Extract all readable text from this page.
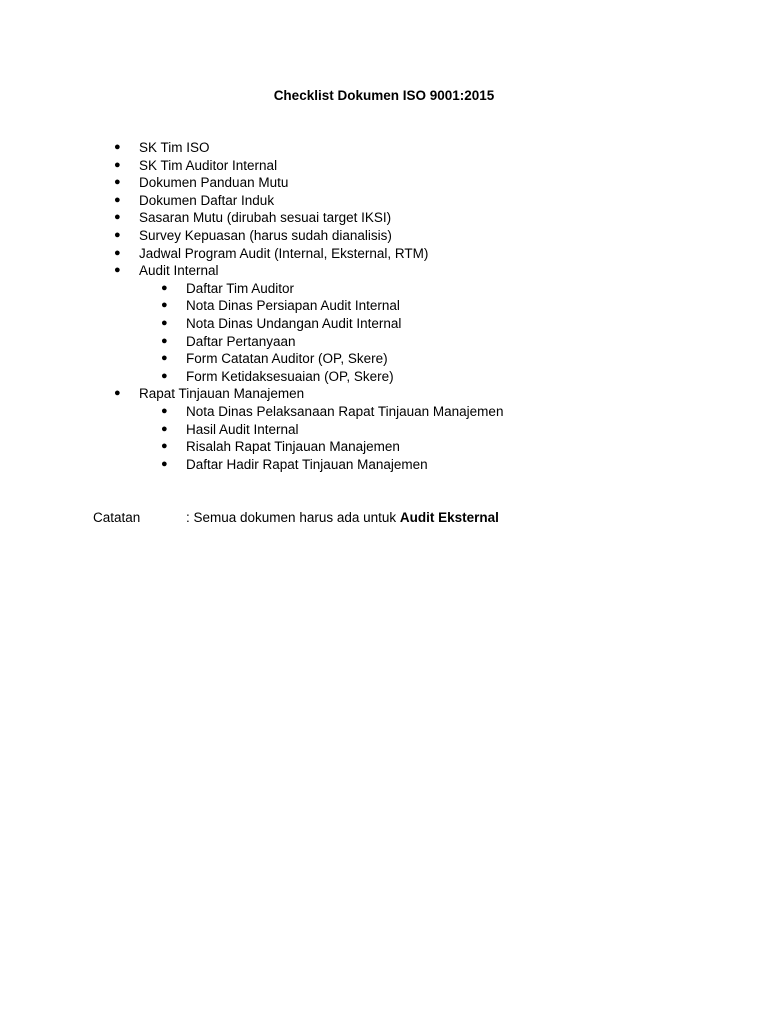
Checklist Dokumen ISO 9001:2015
● SK Tim ISO
● SK Tim Auditor Internal
● Dokumen Panduan Mutu
● Dokumen Daftar Induk
● Sasaran Mutu (dirubah sesuai target IKSI)
● Survey Kepuasan (harus sudah dianalisis)
● Jadwal Program Audit (Internal, Eksternal, RTM)
● Audit Internal
● Daftar Tim Auditor
● Nota Dinas Persiapan Audit Internal
● Nota Dinas Undangan Audit Internal
● Daftar Pertanyaan
● Form Catatan Auditor (OP, Skere)
● Form Ketidaksesuaian (OP, Skere)
● Rapat Tinjauan Manajemen
● Nota Dinas Pelaksanaan Rapat Tinjauan Manajemen
● Hasil Audit Internal
● Risalah Rapat Tinjauan Manajemen
● Daftar Hadir Rapat Tinjauan Manajemen
Catatan	: Semua dokumen harus ada untuk Audit Eksternal
